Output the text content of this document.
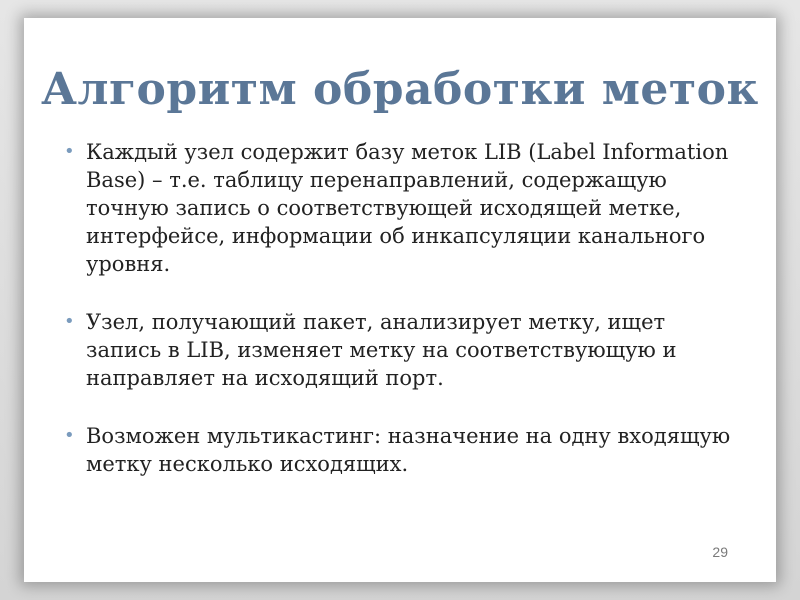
Алгоритм обработки меток
• Каждый узел содержит базу меток LIB (Label Information Base) – т.е. таблицу перенаправлений, содержащую точную запись о соответствующей исходящей метке, интерфейсе, информации об инкапсуляции канального уровня.
• Узел, получающий пакет, анализирует метку, ищет запись в LIB, изменяет метку на соответствующую и направляет на исходящий порт.
• Возможен мультикастинг: назначение на одну входящую метку несколько исходящих.
29
